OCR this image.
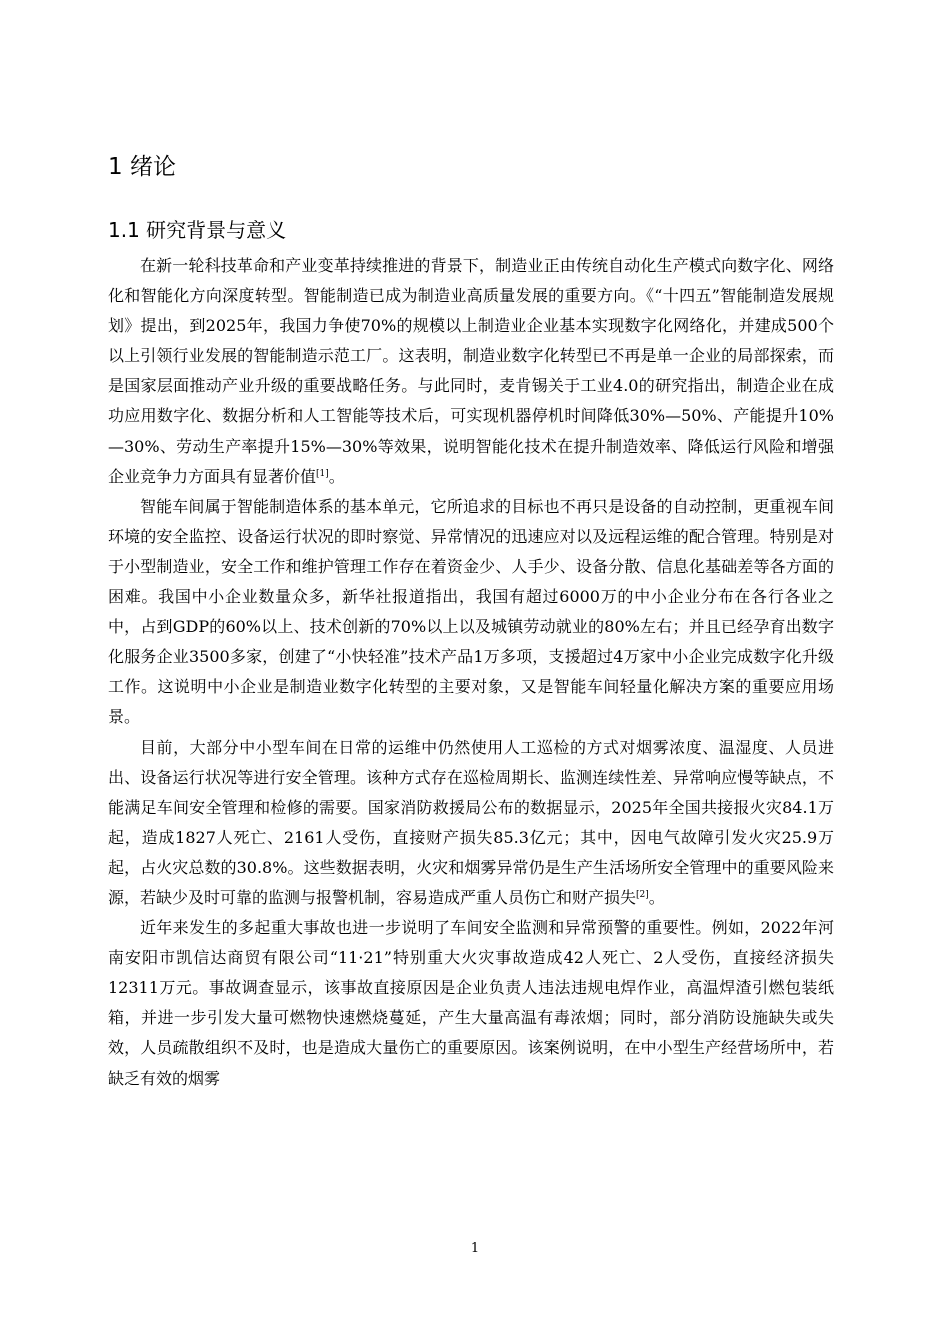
1 绪论
1.1 研究背景与意义

在新一轮科技革命和产业变革持续推进的背景下，制造业正由传统自动化生产模式向数字化、网络化和智能化方向深度转型。智能制造已成为制造业高质量发展的重要方向。《“十四五”智能制造发展规划》提出，到2025年，我国力争使70%的规模以上制造业企业基本实现数字化网络化，并建成500个以上引领行业发展的智能制造示范工厂。这表明，制造业数字化转型已不再是单一企业的局部探索，而是国家层面推动产业升级的重要战略任务。与此同时，麦肯锡关于工业4.0的研究指出，制造企业在成功应用数字化、数据分析和人工智能等技术后，可实现机器停机时间降低30%—50%、产能提升10%—30%、劳动生产率提升15%—30%等效果，说明智能化技术在提升制造效率、降低运行风险和增强企业竞争力方面具有显著价值[1]。

智能车间属于智能制造体系的基本单元，它所追求的目标也不再只是设备的自动控制，更重视车间环境的安全监控、设备运行状况的即时察觉、异常情况的迅速应对以及远程运维的配合管理。特别是对于小型制造业，安全工作和维护管理工作存在着资金少、人手少、设备分散、信息化基础差等各方面的困难。我国中小企业数量众多，新华社报道指出，我国有超过6000万的中小企业分布在各行各业之中，占到GDP的60%以上、技术创新的70%以上以及城镇劳动就业的80%左右；并且已经孕育出数字化服务企业3500多家，创建了“小快轻准”技术产品1万多项，支援超过4万家中小企业完成数字化升级工作。这说明中小企业是制造业数字化转型的主要对象，又是智能车间轻量化解决方案的重要应用场景。

目前，大部分中小型车间在日常的运维中仍然使用人工巡检的方式对烟雾浓度、温湿度、人员进出、设备运行状况等进行安全管理。该种方式存在巡检周期长、监测连续性差、异常响应慢等缺点，不能满足车间安全管理和检修的需要。国家消防救援局公布的数据显示，2025年全国共接报火灾84.1万起，造成1827人死亡、2161人受伤，直接财产损失85.3亿元；其中，因电气故障引发火灾25.9万起，占火灾总数的30.8%。这些数据表明，火灾和烟雾异常仍是生产生活场所安全管理中的重要风险来源，若缺少及时可靠的监测与报警机制，容易造成严重人员伤亡和财产损失[2]。

近年来发生的多起重大事故也进一步说明了车间安全监测和异常预警的重要性。例如，2022年河南安阳市凯信达商贸有限公司“11·21”特别重大火灾事故造成42人死亡、2人受伤，直接经济损失12311万元。事故调查显示，该事故直接原因是企业负责人违法违规电焊作业，高温焊渣引燃包装纸箱，并进一步引发大量可燃物快速燃烧蔓延，产生大量高温有毒浓烟；同时，部分消防设施缺失或失效，人员疏散组织不及时，也是造成大量伤亡的重要原因。该案例说明，在中小型生产经营场所中，若缺乏有效的烟雾

1
